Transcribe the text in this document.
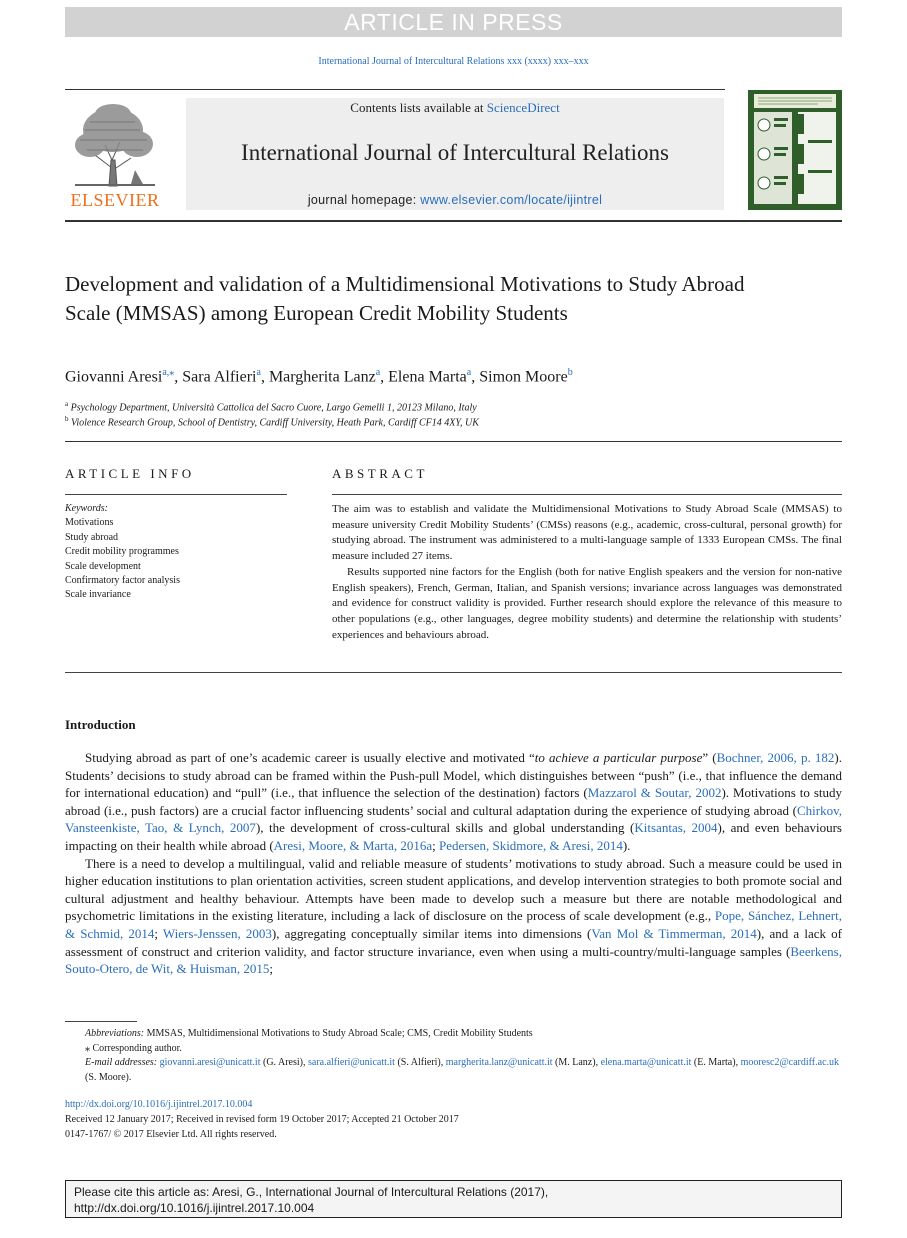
ARTICLE IN PRESS
International Journal of Intercultural Relations xxx (xxxx) xxx–xxx
ELSEVIER
Contents lists available at ScienceDirect
International Journal of Intercultural Relations
journal homepage: www.elsevier.com/locate/ijintrel
Development and validation of a Multidimensional Motivations to Study Abroad Scale (MMSAS) among European Credit Mobility Students
Giovanni Aresi$^{a,⁎}$, Sara Alfieri$^a$, Margherita Lanz$^a$, Elena Marta$^a$, Simon Moore$^b$
$^a$ Psychology Department, Università Cattolica del Sacro Cuore, Largo Gemelli 1, 20123 Milano, Italy
$^b$ Violence Research Group, School of Dentistry, Cardiff University, Heath Park, Cardiff CF14 4XY, UK
ARTICLE INFO	ABSTRACT
Keywords:
Motivations
Study abroad
Credit mobility programmes
Scale development
Confirmatory factor analysis
Scale invariance

The aim was to establish and validate the Multidimensional Motivations to Study Abroad Scale (MMSAS) to measure university Credit Mobility Students’ (CMSs) reasons (e.g., academic, cross-cultural, personal growth) for studying abroad. The instrument was administered to a multi-language sample of 1333 European CMSs. The final measure included 27 items.

Results supported nine factors for the English (both for native English speakers and the version for non-native English speakers), French, German, Italian, and Spanish versions; invariance across languages was demonstrated and evidence for construct validity is provided. Further research should explore the relevance of this measure to other populations (e.g., other languages, degree mobility students) and determine the relationship with students’ experiences and behaviours abroad.

Introduction

Studying abroad as part of one’s academic career is usually elective and motivated “to achieve a particular purpose” (Bochner, 2006, p. 182). Students’ decisions to study abroad can be framed within the Push-pull Model, which distinguishes between “push” (i.e., that influence the demand for international education) and “pull” (i.e., that influence the selection of the destination) factors (Mazzarol & Soutar, 2002). Motivations to study abroad (i.e., push factors) are a crucial factor influencing students’ social and cultural adaptation during the experience of studying abroad (Chirkov, Vansteenkiste, Tao, & Lynch, 2007), the development of cross-cultural skills and global understanding (Kitsantas, 2004), and even behaviours impacting on their health while abroad (Aresi, Moore, & Marta, 2016a; Pedersen, Skidmore, & Aresi, 2014).

There is a need to develop a multilingual, valid and reliable measure of students’ motivations to study abroad. Such a measure could be used in higher education institutions to plan orientation activities, screen student applications, and develop intervention strategies to both promote social and cultural adjustment and healthy behaviour. Attempts have been made to develop such a measure but there are notable methodological and psychometric limitations in the existing literature, including a lack of disclosure on the process of scale development (e.g., Pope, Sánchez, Lehnert, & Schmid, 2014; Wiers-Jenssen, 2003), aggregating conceptually similar items into dimensions (Van Mol & Timmerman, 2014), and a lack of assessment of construct and criterion validity, and factor structure invariance, even when using a multi-country/multi-language samples (Beerkens, Souto-Otero, de Wit, & Huisman, 2015;

Abbreviations: MMSAS, Multidimensional Motivations to Study Abroad Scale; CMS, Credit Mobility Students
⁎ Corresponding author.
E-mail addresses: giovanni.aresi@unicatt.it (G. Aresi), sara.alfieri@unicatt.it (S. Alfieri), margherita.lanz@unicatt.it (M. Lanz), elena.marta@unicatt.it (E. Marta), mooresc2@cardiff.ac.uk (S. Moore).
http://dx.doi.org/10.1016/j.ijintrel.2017.10.004
Received 12 January 2017; Received in revised form 19 October 2017; Accepted 21 October 2017
0147-1767/ © 2017 Elsevier Ltd. All rights reserved.
Please cite this article as: Aresi, G., International Journal of Intercultural Relations (2017),
http://dx.doi.org/10.1016/j.ijintrel.2017.10.004
